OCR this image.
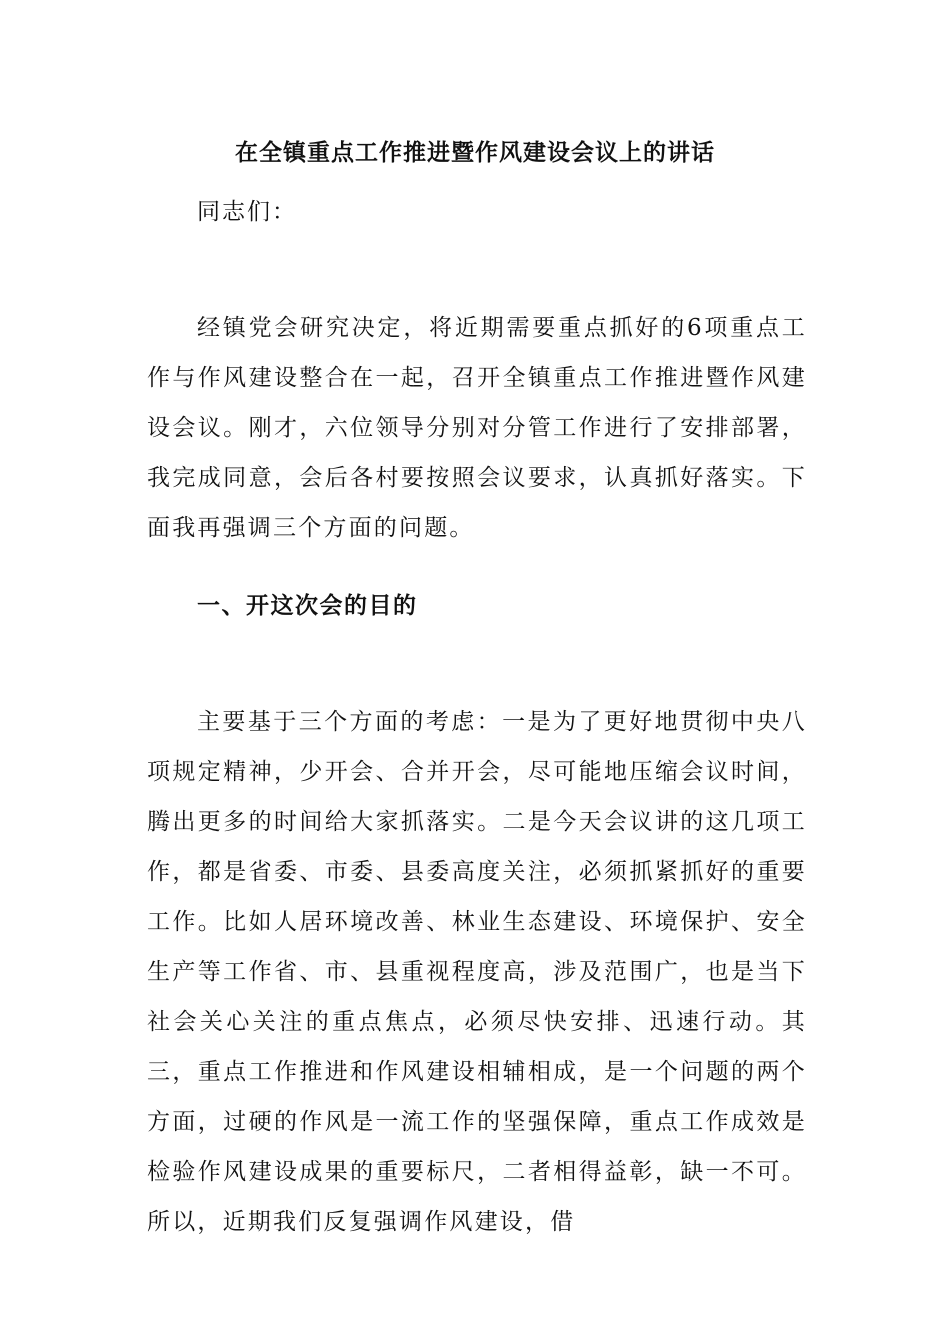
在全镇重点工作推进暨作风建设会议上的讲话
同志们：

经镇党会研究决定，将近期需要重点抓好的6项重点工作与作风建设整合在一起，召开全镇重点工作推进暨作风建设会议。刚才，六位领导分别对分管工作进行了安排部署，我完成同意，会后各村要按照会议要求，认真抓好落实。下面我再强调三个方面的问题。

一、开这次会的目的

主要基于三个方面的考虑：一是为了更好地贯彻中央八项规定精神，少开会、合并开会，尽可能地压缩会议时间，腾出更多的时间给大家抓落实。二是今天会议讲的这几项工作，都是省委、市委、县委高度关注，必须抓紧抓好的重要工作。比如人居环境改善、林业生态建设、环境保护、安全生产等工作省、市、县重视程度高，涉及范围广，也是当下社会关心关注的重点焦点，必须尽快安排、迅速行动。其三，重点工作推进和作风建设相辅相成，是一个问题的两个方面，过硬的作风是一流工作的坚强保障，重点工作成效是检验作风建设成果的重要标尺，二者相得益彰，缺一不可。所以，近期我们反复强调作风建设，借
